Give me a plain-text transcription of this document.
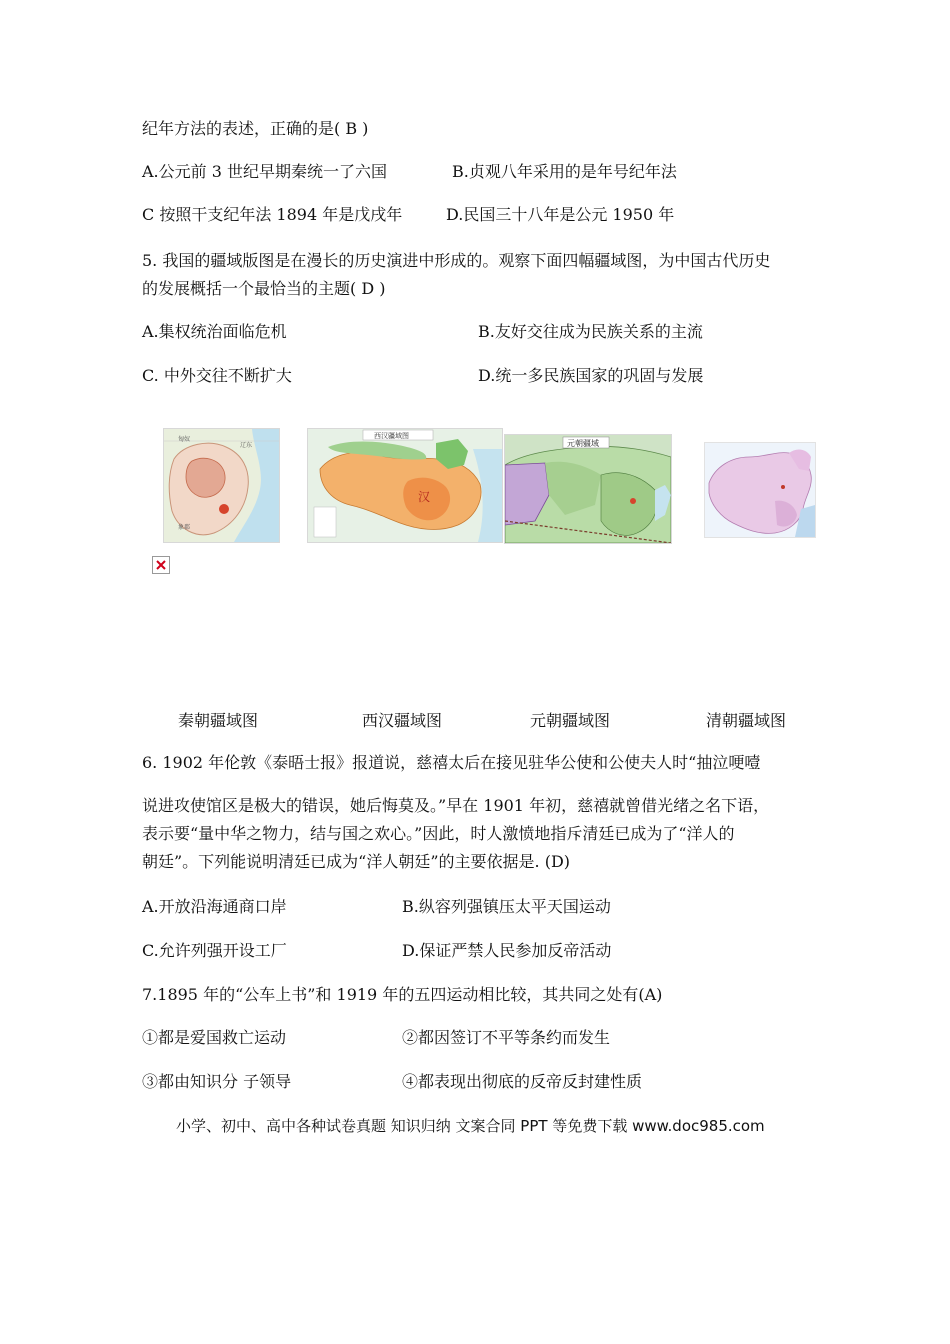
纪年方法的表述，正确的是( B )
A.公元前 3 世纪早期秦统一了六国	B.贞观八年采用的是年号纪年法
C 按照干支纪年法 1894 年是戊戌年	D.民国三十八年是公元 1950 年
5. 我国的疆域版图是在漫长的历史演进中形成的。观察下面四幅疆域图，为中国古代历史
的发展概括一个最恰当的主题( D )
A.集权统治面临危机	B.友好交往成为民族关系的主流
C. 中外交往不断扩大	D.统一多民族国家的巩固与发展
匈奴
辽东
象郡
西汉疆域图
汉
元朝疆域
秦朝疆域图	西汉疆域图	元朝疆域图	清朝疆域图
6. 1902 年伦敦《泰晤士报》报道说，慈禧太后在接见驻华公使和公使夫人时“抽泣哽噎
说进攻使馆区是极大的错误，她后悔莫及。”早在 1901 年初，慈禧就曾借光绪之名下语，
表示要“量中华之物力，结与国之欢心。”因此，时人激愤地指斥清廷已成为了“洋人的
朝廷”。下列能说明清廷已成为“洋人朝廷”的主要依据是. (D)
A.开放沿海通商口岸	B.纵容列强镇压太平天国运动
C.允许列强开设工厂	D.保证严禁人民参加反帝活动
7.1895 年的“公车上书”和 1919 年的五四运动相比较，其共同之处有(A)
①都是爱国救亡运动	②都因签订不平等条约而发生
③都由知识分 子领导	④都表现出彻底的反帝反封建性质
小学、初中、高中各种试卷真题 知识归纳 文案合同 PPT 等免费下载 www.doc985.com
